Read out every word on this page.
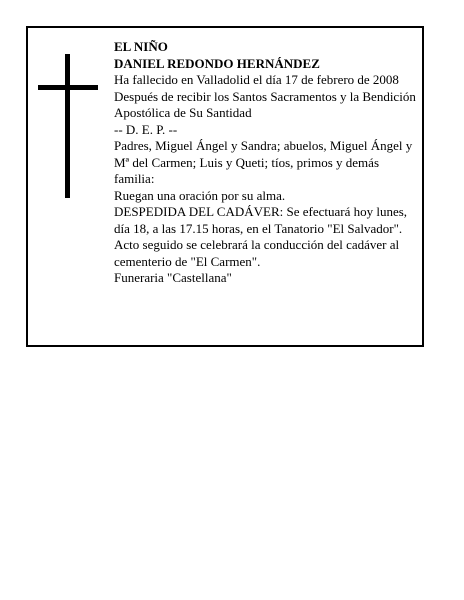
EL NIÑO
DANIEL REDONDO HERNÁNDEZ
Ha fallecido en Valladolid el día 17 de febrero de 2008
Después de recibir los Santos Sacramentos y la Bendición Apostólica de Su Santidad
-- D. E. P. --
Padres, Miguel Ángel y Sandra; abuelos, Miguel Ángel y Mª del Carmen; Luis y Queti; tíos, primos y demás familia:
Ruegan una oración por su alma.
DESPEDIDA DEL CADÁVER: Se efectuará hoy lunes, día 18, a las 17.15 horas, en el Tanatorio "El Salvador". Acto seguido se celebrará la conducción del cadáver al cementerio de "El Carmen".
Funeraria "Castellana"
